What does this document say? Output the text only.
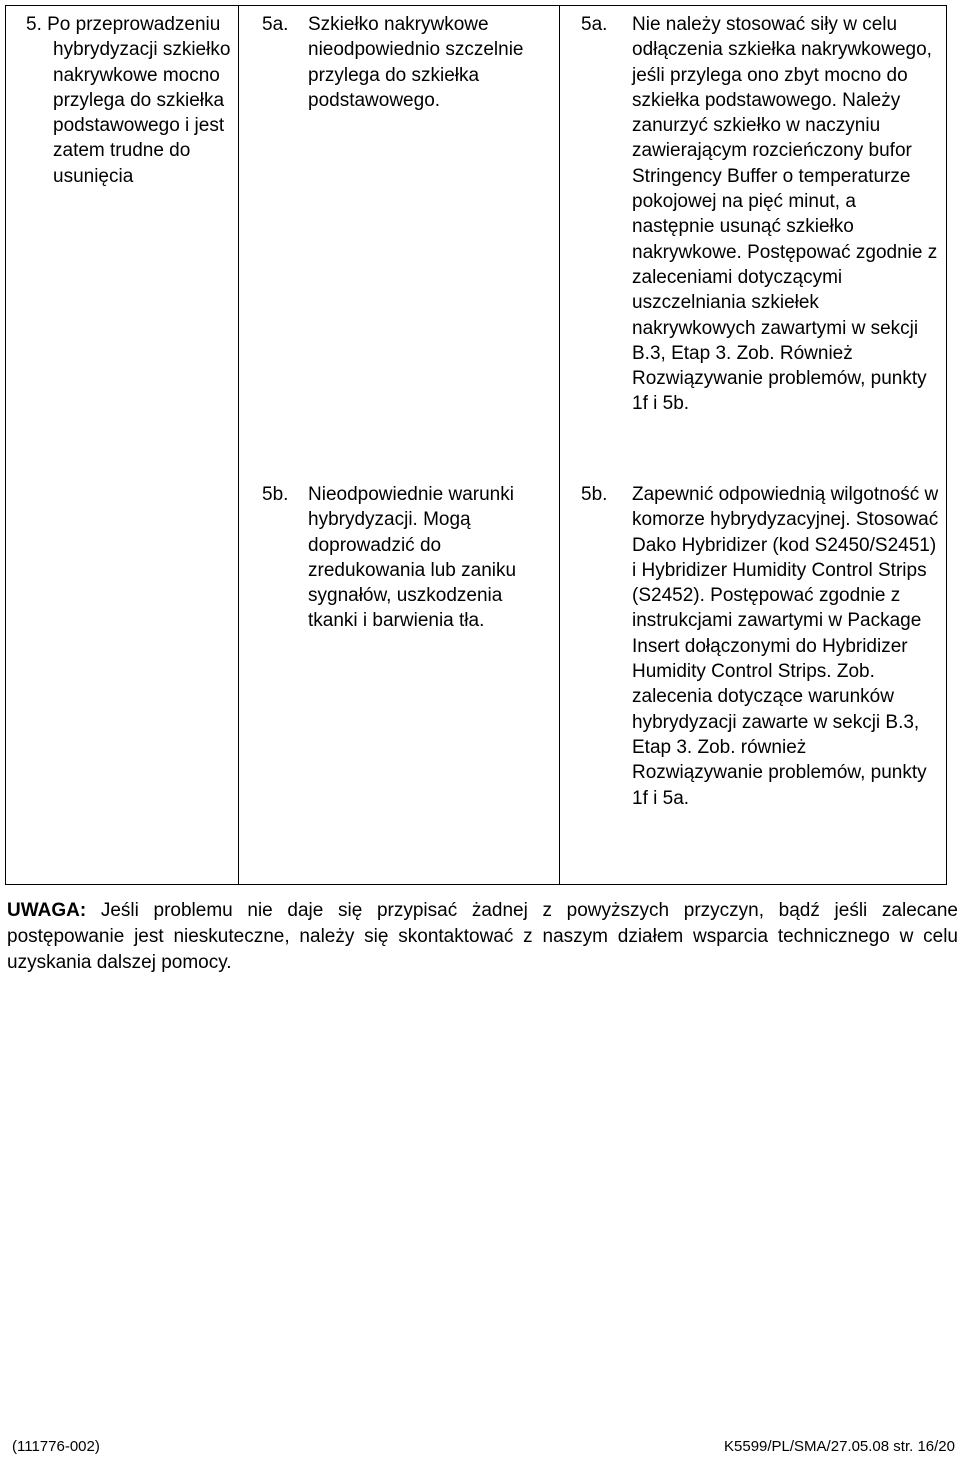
5. Po przeprowadzeniu hybrydyzacji szkiełko nakrywkowe mocno przylega do szkiełka podstawowego i jest zatem trudne do usunięcia
5a. Szkiełko nakrywkowe nieodpowiednio szczelnie przylega do szkiełka podstawowego.
5a. Nie należy stosować siły w celu odłączenia szkiełka nakrywkowego, jeśli przylega ono zbyt mocno do szkiełka podstawowego. Należy zanurzyć szkiełko w naczyniu zawierającym rozcieńczony bufor Stringency Buffer o temperaturze pokojowej na pięć minut, a następnie usunąć szkiełko nakrywkowe. Postępować zgodnie z zaleceniami dotyczącymi uszczelniania szkiełek nakrywkowych zawartymi w sekcji B.3, Etap 3. Zob. Również Rozwiązywanie problemów, punkty 1f i 5b.
5b. Nieodpowiednie warunki hybrydyzacji. Mogą doprowadzić do zredukowania lub zaniku sygnałów, uszkodzenia tkanki i barwienia tła.
5b. Zapewnić odpowiednią wilgotność w komorze hybrydyzacyjnej. Stosować Dako Hybridizer (kod S2450/S2451) i Hybridizer Humidity Control Strips (S2452). Postępować zgodnie z instrukcjami zawartymi w Package Insert dołączonymi do Hybridizer Humidity Control Strips. Zob. zalecenia dotyczące warunków hybrydyzacji zawarte w sekcji B.3, Etap 3. Zob. również Rozwiązywanie problemów, punkty 1f i 5a.
UWAGA: Jeśli problemu nie daje się przypisać żadnej z powyższych przyczyn, bądź jeśli zalecane postępowanie jest nieskuteczne, należy się skontaktować z naszym działem wsparcia technicznego w celu uzyskania dalszej pomocy.
(111776-002)	K5599/PL/SMA/27.05.08 str. 16/20
